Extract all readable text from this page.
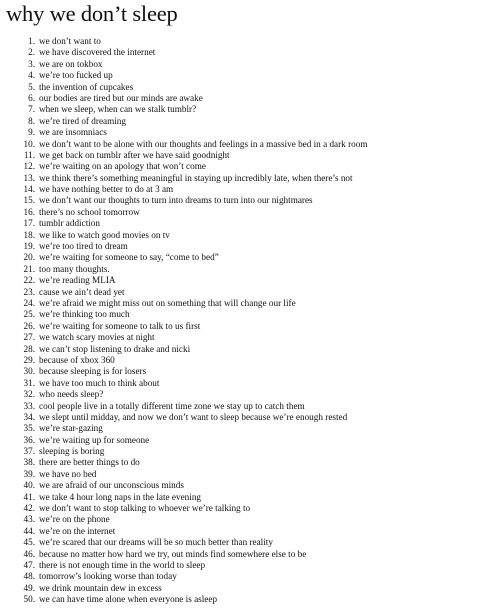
why we don’t sleep
1. we don’t want to
2. we have discovered the internet
3. we are on tokbox
4. we’re too fucked up
5. the invention of cupcakes
6. our bodies are tired but our minds are awake
7. when we sleep, when can we stalk tumblr?
8. we’re tired of dreaming
9. we are insomniacs
10. we don’t want to be alone with our thoughts and feelings in a massive bed in a dark room
11. we get back on tumblr after we have said goodnight
12. we’re waiting on an apology that won’t come
13. we think there’s something meaningful in staying up incredibly late, when there’s not
14. we have nothing better to do at 3 am
15. we don’t want our thoughts to turn into dreams to turn into our nightmares
16. there’s no school tomorrow
17. tumblr addiction
18. we like to watch good movies on tv
19. we’re too tired to dream
20. we’re waiting for someone to say, “come to bed”
21. too many thoughts.
22. we’re reading MLIA
23. cause we ain’t dead yet
24. we’re afraid we might miss out on something that will change our life
25. we’re thinking too much
26. we’re waiting for someone to talk to us first
27. we watch scary movies at night
28. we can’t stop listening to drake and nicki
29. because of xbox 360
30. because sleeping is for losers
31. we have too much to think about
32. who needs sleep?
33. cool people live in a totally different time zone we stay up to catch them
34. we slept until midday, and now we don’t want to sleep because we’re enough rested
35. we’re star-gazing
36. we’re waiting up for someone
37. sleeping is boring
38. there are better things to do
39. we have no bed
40. we are afraid of our unconscious minds
41. we take 4 hour long naps in the late evening
42. we don’t want to stop talking to whoever we’re talking to
43. we’re on the phone
44. we’re on the internet
45. we’re scared that our dreams will be so much better than reality
46. because no matter how hard we try, out minds find somewhere else to be
47. there is not enough time in the world to sleep
48. tomorrow’s looking worse than today
49. we drink mountain dew in excess
50. we can have time alone when everyone is asleep
